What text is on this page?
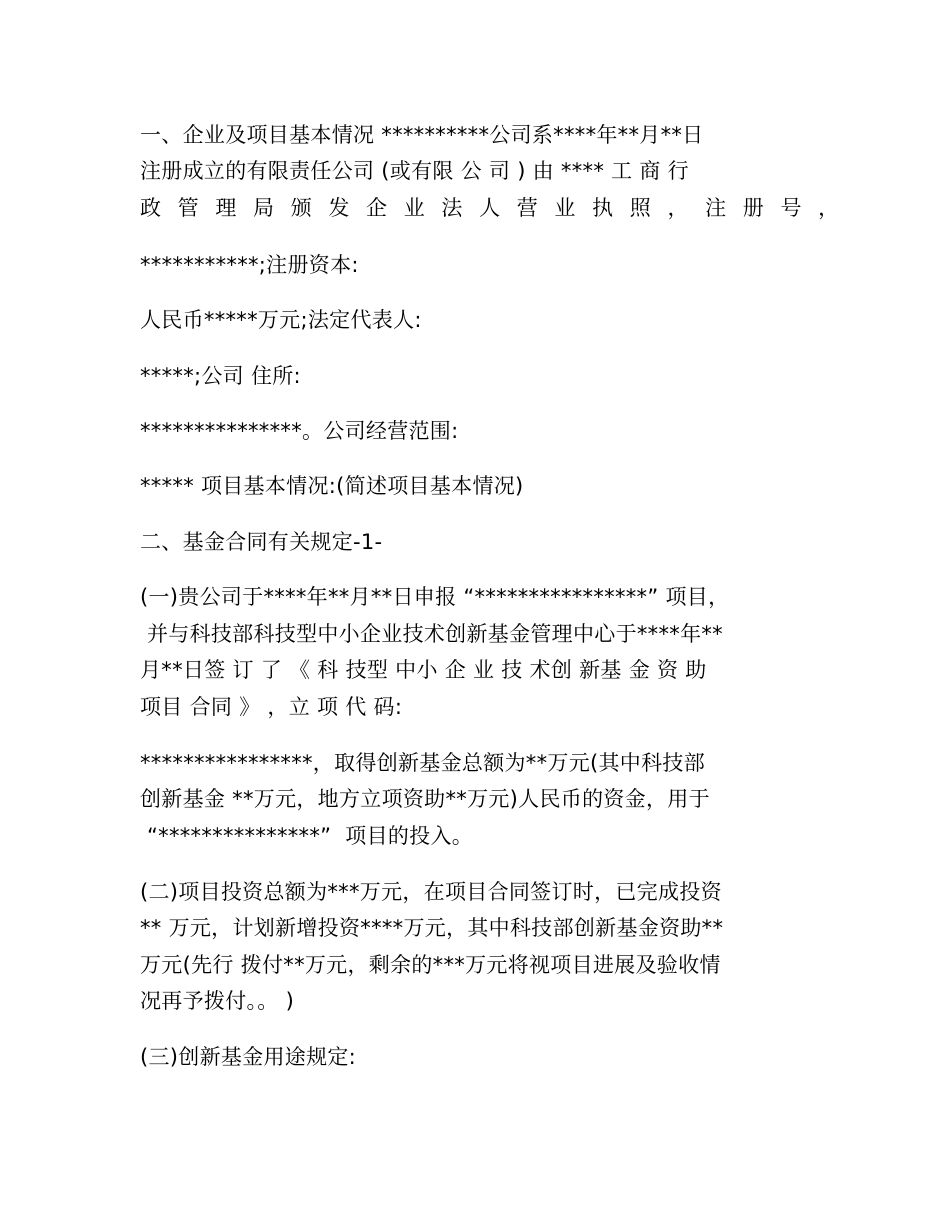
一、企业及项目基本情况 **********公司系****年**月**日
注册成立的有限责任公司 (或有限 公 司 ) 由 **** 工 商 行
政 管 理 局 颁 发 企 业 法 人 营 业 执 照 ， 注 册 号 ，
***********;注册资本:
人民币*****万元;法定代表人:
*****;公司 住所:
***************。公司经营范围:
***** 项目基本情况:(简述项目基本情况)
二、基金合同有关规定-1-
(一)贵公司于****年**月**日申报 “****************” 项目，
并与科技部科技型中小企业技术创新基金管理中心于****年**
月**日签 订 了 《 科 技型 中小 企 业 技 术创 新基 金 资 助
项目 合同 》 ，立 项 代 码:
****************，取得创新基金总额为**万元(其中科技部
创新基金 **万元，地方立项资助**万元)人民币的资金，用于
“***************”  项目的投入。
(二)项目投资总额为***万元，在项目合同签订时，已完成投资
** 万元，计划新增投资****万元，其中科技部创新基金资助**
万元(先行 拨付**万元，剩余的***万元将视项目进展及验收情
况再予拨付。。 )
(三)创新基金用途规定:
